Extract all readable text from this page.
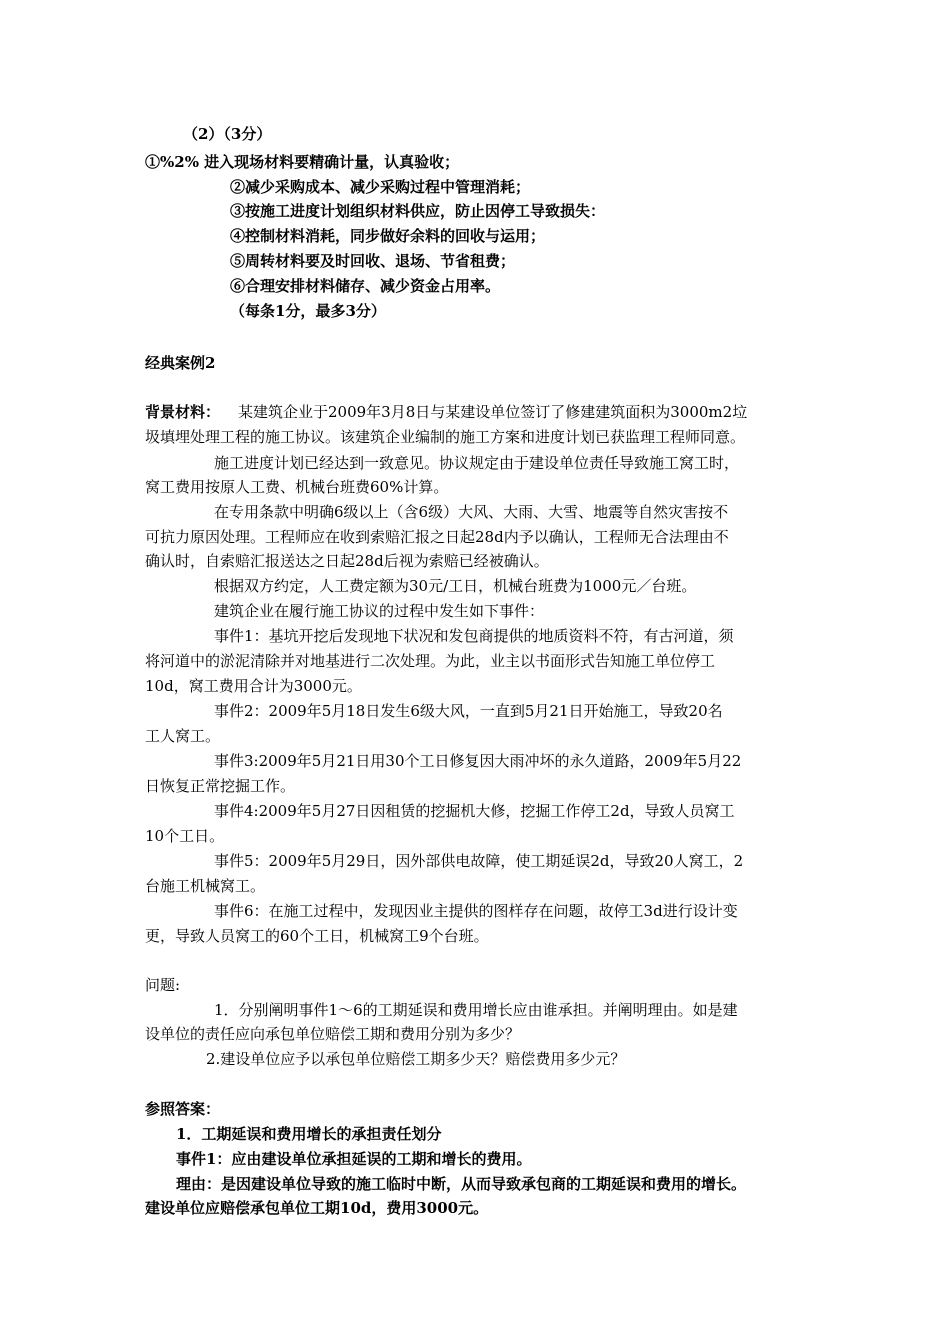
（2）（3分）
①%2% 进入现场材料要精确计量，认真验收；
②减少采购成本、减少采购过程中管理消耗；
③按施工进度计划组织材料供应，防止因停工导致损失：
④控制材料消耗，同步做好余料的回收与运用；
⑤周转材料要及时回收、退场、节省租费；
⑥合理安排材料储存、减少资金占用率。
（每条1分，最多3分）
经典案例2
背景材料： 某建筑企业于2009年3月8日与某建设单位签订了修建建筑面积为3000m2垃
圾填埋处理工程的施工协议。该建筑企业编制的施工方案和进度计划已获监理工程师同意。
施工进度计划已经达到一致意见。协议规定由于建设单位责任导致施工窝工时，
窝工费用按原人工费、机械台班费60%计算。
在专用条款中明确6级以上（含6级）大风、大雨、大雪、地震等自然灾害按不
可抗力原因处理。工程师应在收到索赔汇报之日起28d内予以确认，工程师无合法理由不
确认时，自索赔汇报送达之日起28d后视为索赔已经被确认。
根据双方约定，人工费定额为30元/工日，机械台班费为1000元／台班。
建筑企业在履行施工协议的过程中发生如下事件：
事件1：基坑开挖后发现地下状况和发包商提供的地质资料不符，有古河道，须
将河道中的淤泥清除并对地基进行二次处理。为此，业主以书面形式告知施工单位停工
10d，窝工费用合计为3000元。
事件2：2009年5月18日发生6级大风，一直到5月21日开始施工，导致20名
工人窝工。
事件3:2009年5月21日用30个工日修复因大雨冲坏的永久道路，2009年5月22
日恢复正常挖掘工作。
事件4:2009年5月27日因租赁的挖掘机大修，挖掘工作停工2d，导致人员窝工
10个工日。
事件5：2009年5月29日，因外部供电故障，使工期延误2d，导致20人窝工，2
台施工机械窝工。
事件6：在施工过程中，发现因业主提供的图样存在问题，故停工3d进行设计变
更，导致人员窝工的60个工日，机械窝工9个台班。
问题:
1．分别阐明事件1～6的工期延误和费用增长应由谁承担。并阐明理由。如是建
设单位的责任应向承包单位赔偿工期和费用分别为多少？
2.建设单位应予以承包单位赔偿工期多少天？赔偿费用多少元？
参照答案：
1．工期延误和费用增长的承担责任划分
事件1：应由建设单位承担延误的工期和增长的费用。
理由：是因建设单位导致的施工临时中断，从而导致承包商的工期延误和费用的增长。
建设单位应赔偿承包单位工期10d，费用3000元。
